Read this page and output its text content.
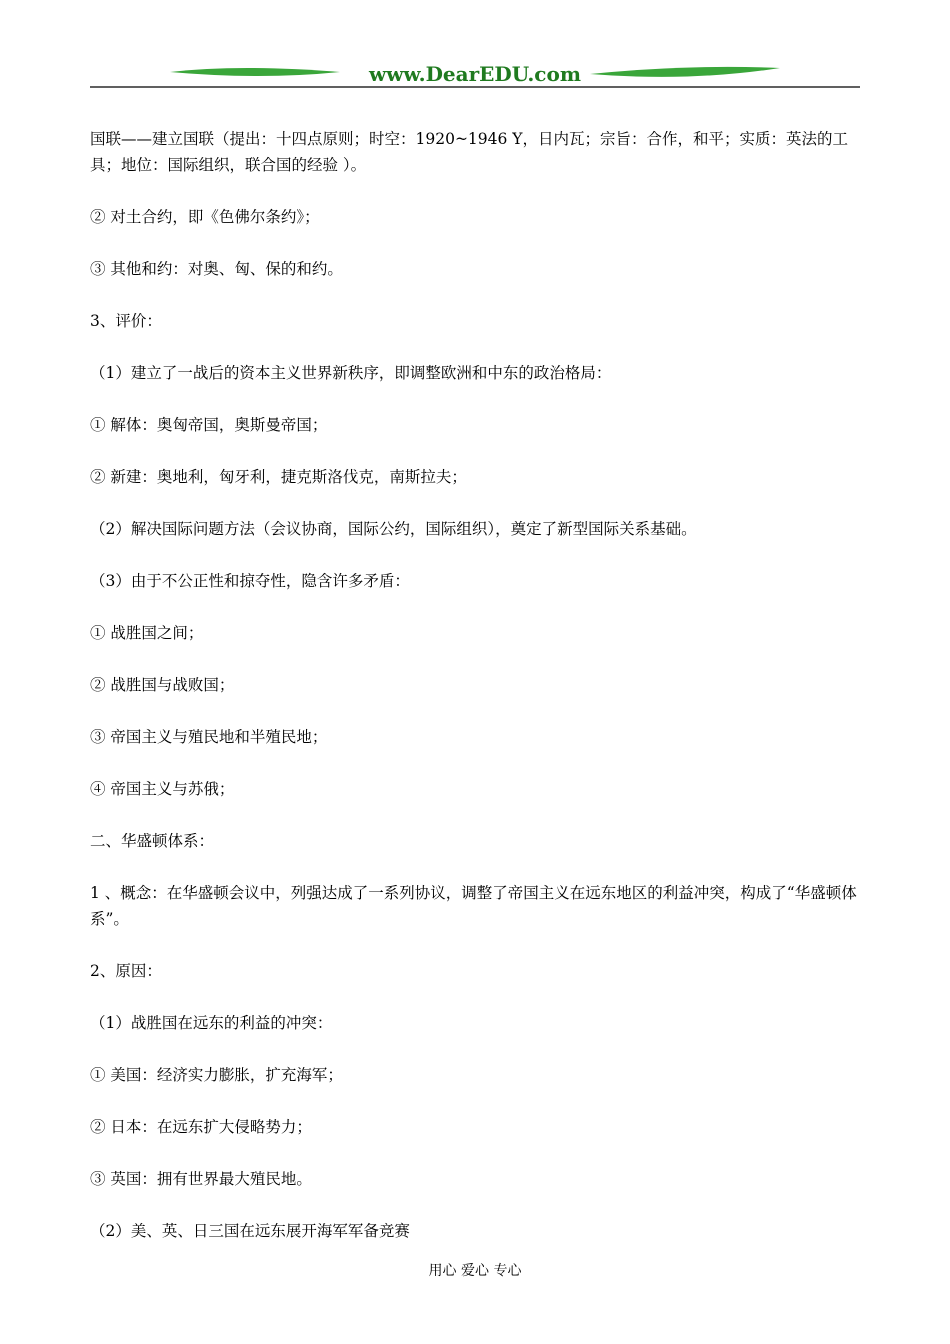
www.DearEDU.com

国联——建立国联（提出：十四点原则；时空：1920~1946 Y，日内瓦；宗旨：合作，和平；实质：英法的工具；地位：国际组织，联合国的经验 ）。

② 对土合约，即《色佛尔条约》；

③ 其他和约：对奥、匈、保的和约。

3、评价：

（1）建立了一战后的资本主义世界新秩序，即调整欧洲和中东的政治格局：

① 解体：奥匈帝国，奥斯曼帝国；

② 新建：奥地利，匈牙利，捷克斯洛伐克，南斯拉夫；

（2）解决国际问题方法（会议协商，国际公约，国际组织），奠定了新型国际关系基础。

（3）由于不公正性和掠夺性，隐含许多矛盾：

① 战胜国之间；

② 战胜国与战败国；

③ 帝国主义与殖民地和半殖民地；

④ 帝国主义与苏俄；

二、华盛顿体系：

1 、概念：在华盛顿会议中，列强达成了一系列协议，调整了帝国主义在远东地区的利益冲突，构成了“华盛顿体系”。

2、原因：

（1）战胜国在远东的利益的冲突：

① 美国：经济实力膨胀，扩充海军；

② 日本：在远东扩大侵略势力；

③ 英国：拥有世界最大殖民地。

（2）美、英、日三国在远东展开海军军备竞赛

用心 爱心 专心
